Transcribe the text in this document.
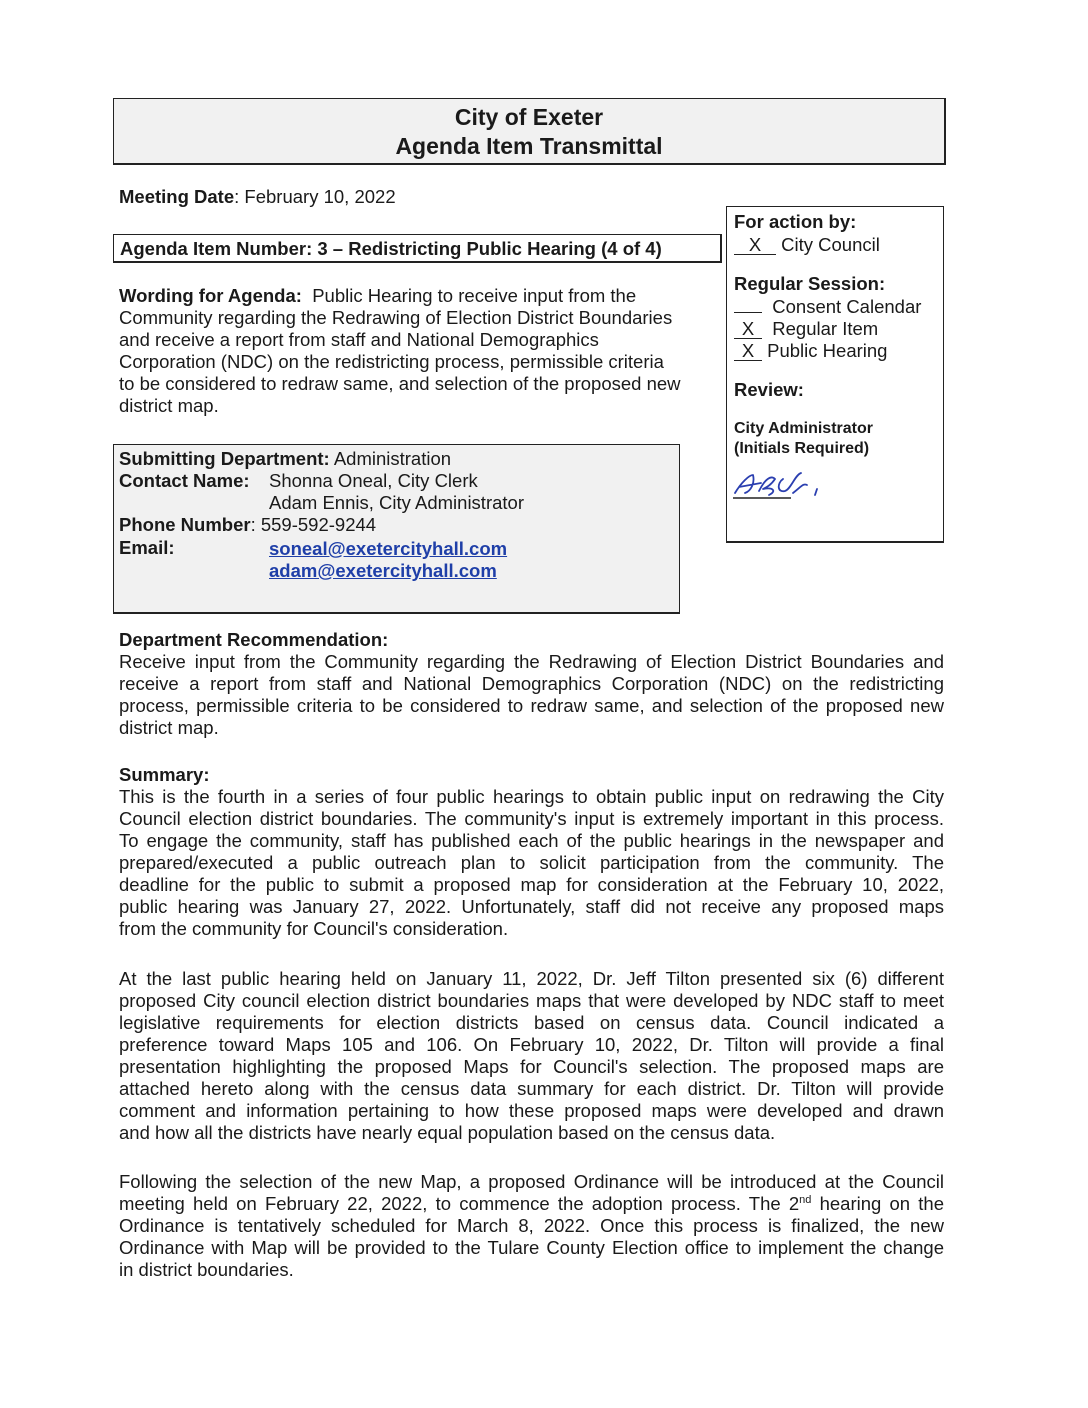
City of Exeter
Agenda Item Transmittal
Meeting Date: February 10, 2022
Agenda Item Number: 3 – Redistricting Public Hearing (4 of 4)
Wording for Agenda: Public Hearing to receive input from the
Community regarding the Redrawing of Election District Boundaries
and receive a report from staff and National Demographics
Corporation (NDC) on the redistricting process, permissible criteria
to be considered to redraw same, and selection of the proposed new
district map.
Submitting Department: Administration
Contact Name: Shonna Oneal, City Clerk
Adam Ennis, City Administrator
Phone Number: 559-592-9244
Email:	soneal@exetercityhall.com
adam@exetercityhall.com
For action by:
X City Council
Regular Session:
Consent Calendar
X Regular Item
X Public Hearing
Review:
City Administrator
(Initials Required)
Department Recommendation:
Receive input from the Community regarding the Redrawing of Election District Boundaries and
receive a report from staff and National Demographics Corporation (NDC) on the redistricting
process, permissible criteria to be considered to redraw same, and selection of the proposed new
district map.
Summary:
This is the fourth in a series of four public hearings to obtain public input on redrawing the City
Council election district boundaries. The community's input is extremely important in this process.
To engage the community, staff has published each of the public hearings in the newspaper and
prepared/executed a public outreach plan to solicit participation from the community. The
deadline for the public to submit a proposed map for consideration at the February 10, 2022,
public hearing was January 27, 2022. Unfortunately, staff did not receive any proposed maps
from the community for Council's consideration.
At the last public hearing held on January 11, 2022, Dr. Jeff Tilton presented six (6) different
proposed City council election district boundaries maps that were developed by NDC staff to meet
legislative requirements for election districts based on census data. Council indicated a
preference toward Maps 105 and 106. On February 10, 2022, Dr. Tilton will provide a final
presentation highlighting the proposed Maps for Council's selection. The proposed maps are
attached hereto along with the census data summary for each district. Dr. Tilton will provide
comment and information pertaining to how these proposed maps were developed and drawn
and how all the districts have nearly equal population based on the census data.
Following the selection of the new Map, a proposed Ordinance will be introduced at the Council
meeting held on February 22, 2022, to commence the adoption process. The 2nd hearing on the
Ordinance is tentatively scheduled for March 8, 2022. Once this process is finalized, the new
Ordinance with Map will be provided to the Tulare County Election office to implement the change
in district boundaries.
